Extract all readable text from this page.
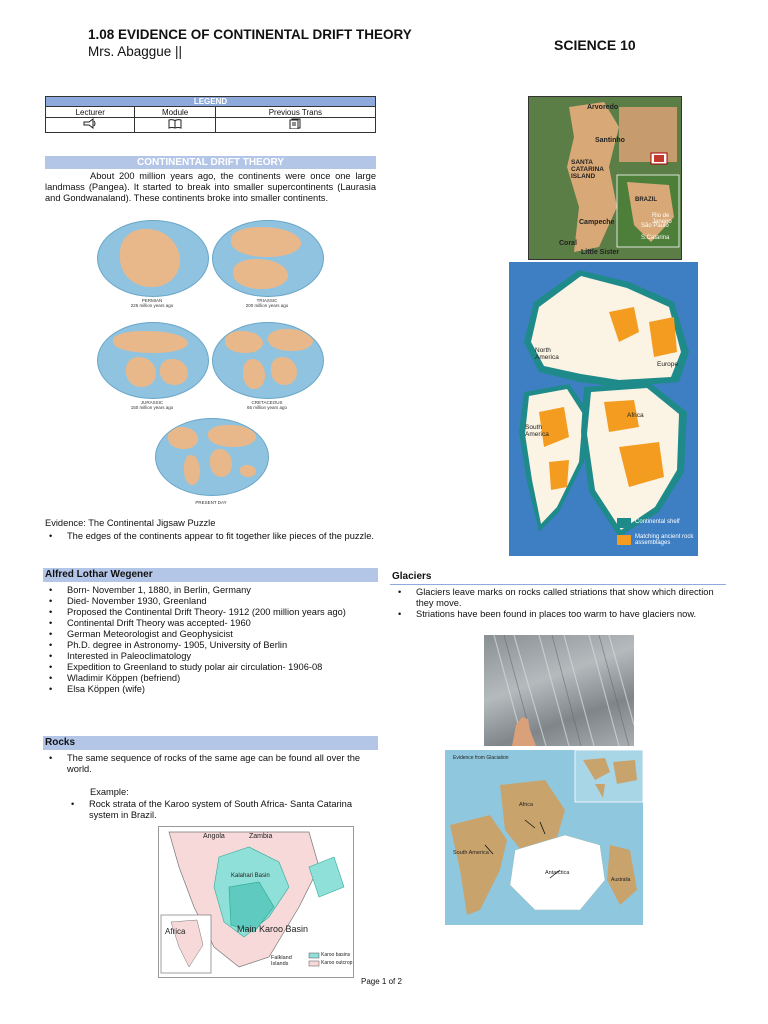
1.08 EVIDENCE OF CONTINENTAL DRIFT THEORY
Mrs. Abaggue ||	SCIENCE 10
LEGEND		
Lecturer	Module	Previous Trans

CONTINENTAL DRIFT THEORY
About 200 million years ago, the continents were once one large landmass (Pangea). It started to break into smaller supercontinents (Laurasia and Gondwanaland). These continents broke into smaller continents.
PERMIAN
225 million years ago
TRIASSIC
200 million years ago
JURASSIC
150 million years ago
CRETACEOUS
65 million years ago
PRESENT DAY
Evidence: The Continental Jigsaw Puzzle
• The edges of the continents appear to fit together like pieces of the puzzle.
Alfred Lothar Wegener
• Born- November 1, 1880, in Berlin, Germany
• Died- November 1930, Greenland
• Proposed the Continental Drift Theory- 1912 (200 million years ago)
• Continental Drift Theory was accepted- 1960
• German Meteorologist and Geophysicist
• Ph.D. degree in Astronomy- 1905, University of Berlin
• Interested in Paleoclimatology
• Expedition to Greenland to study polar air circulation- 1906-08
• Wladimir Köppen (befriend)
• Elsa Köppen (wife)
Rocks
• The same sequence of rocks of the same age can be found all over the world.
Example:
• Rock strata of the Karoo system of South Africa- Santa Catarina system in Brazil.
Angola	Zambia
Kalahari Basin
Main Karoo Basin
Africa
Falkland Islands
Karoo basins
Karoo outcrop
Arvoredo
Santinho
SANTA CATARINA ISLAND
Campeche
Coral
Little Sister
BRAZIL
Rio de Janeiro
São Paulo
S.Catarina
North America
Europe
Africa
South America
Continental shelf
Matching ancient rock assemblages
Glaciers
• Glaciers leave marks on rocks called striations that show which direction they move.
• Striations have been found in places too warm to have glaciers now.
Evidence from Glaciation
Africa
South America
Antarctica
Australia
Page 1 of 2
